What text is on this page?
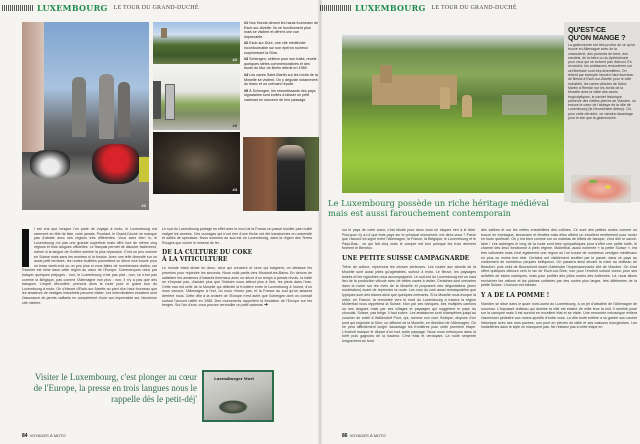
LUXEMBOURG LE TOUR DU GRAND-DUCHÉ
#1
#2
#3
#4
#1 Nos Honda devant les hauts fourneaux de Esch-sur-Alzette. Ils ne fonctionnent plus mais se visitent et offrent une vue imprenable.
#2 Esch-sur-Sûre, une cité médiévale incontournable sur son éperon rocheux surplombant la Sûre.
#3 Schengen, célèbre pour son traité, recèle quelques stèles commémoratives et des bouts du Mur de Berlin détruit en 1989.
#4 Les caves Saint-Martin sur les bords de la Moselle se visitent. On y déguste notamment du blanc et un crémant réputé.
#5 À Schengen, les ressortissants des pays signataires sont invités à laisser un petit cadenas en souvenir de leur passage.

l est vrai que lorsque l'on parle de voyage à moto, le Luxembourg est rarement en tête de liste, voire jamais. Pourtant, le Grand-Duché ne manque pas d'atraits avec ses régions très différentes. Vous avez bien lu, le Luxembourg n'a pas une grande superficie mais offre tout de même cinq régions et trois langues officielles. Le français permet de discuter facilement, même si la langue de Goethe semble la plus répandue. C'est un peu comme en Suisse mais sans les montres ni la fondue. Avec une telle diversité sur un aussi petit territoire, les routes fouillées promettent un décor tout trouvé pour un beau week-end ou un peu plus si vous faites de nombreuses visites, car l'histoire est riche dans cette région au cœur de l'Europe. Commençons donc par balayer quelques préjugés : non, le Luxembourg n'est pas plat ; non, ce n'est pas comme la Belgique, pas comme l'Allemagne non plus ; non, il n'y a pas que des banques. L'esprit déconfiné, prenons alors la route pour le grand tour du Luxembourg à moto. On s'élance d'Esch-sur-Alzette au pied d'un haut fourneau que les amateurs de vestiges industriels peuvent visiter. Les interminables escaliers sont l'assurance de jarrets vaillants en complément d'une vue imprenable sur l'ancienne cité minière.

Le sud du Luxembourg partage en effet avec le nord de la France un passé houiller pas rouillé malgré les années. Ces ouvrages qui n'ont rien d'une friche ont été transformés en université et salles de spectacle. Nous sommes au sud-est du Luxembourg, dans la région des Terres Rouges que colore le minerai de fer.

DE LA CULTURE DU COKE
À LA VITICULTURE

Le monde étant divisé en deux, ceux qui creusent et ceux qui baignent, on délaisse les premiers pour rejoindre les seconds. Nous voilà partis vers Mondorf-les-Bains. En dehors de satisfaire les amateurs d'instants thermaux avec un décor d'un temps à jamais révolu, la halte ne s'impose pas, d'autant plus que l'histoire nous attend plus à l'est, les pieds dans l'eau. Cette eau est celle de la Moselle qui délimite la frontière entre le Luxembourg à l'ouest, d'où nous venons, l'Allemagne à l'est, où nous n'irons pas, et la France au sud qu'on laissera derrière nous. Cette ville à la croisée de l'Europe n'est autre que Schengen dont on connaît surtout l'accord ratifié en 1985. Des monuments rappellent la fondation de l'Europe sur les berges. Sur l'un d'eux, vous pouvez verrouiller un petit cadenas ➜

Visiter le Luxembourg, c'est plonger au cœur de l'Europe, la presse en trois langues nous le rappelle dès le petit-déj'
Luxemburger Wort
84 VOYAGES À MOTO
LUXEMBOURG LE TOUR DU GRAND-DUCHÉ
Le Luxembourg possède un riche héritage médiéval
mais est aussi farouchement contemporain
QU'EST-CE
QU'ON MANGE ?
La gastronomie est très proche de ce qu'on trouve en Allemagne avec de la charcuterie, des pommes de terre, des strudels, de la bière ou du Apfelschorle pour ceux qui ne boivent pas d'alcool. En revanche, les ambiances rencontrées sur cet itinéraire sont très diversifiées. On retient par exemple l'ancien haut fourneau de Belval à Esch-sur-Alzette pour le côté industriel, les caves viticoles de Saint-Martin à Remich sur les bords de la Moselle avec la visite des caves troglodytiques, le cachet historique préservé des vieilles pierres de Vianden, ou encore le cœur de l'abbaye de la ville de Luxembourg (la Neumünster Abbey). Où, pour cette dernière, on viendra davantage pour le site que la gastronomie.

sur le pays de votre cœur, c'est étudié pour donc vous ne risquez rien à le faire. Pourquoi n'y a-t-il que trois pays sur le principal monument, me direz-vous ? Parce que l'accord fut signé entre l'Allemagne, la France, la Belgique, le Luxembourg et le Pays-Bas... ce qui fait cinq mais le compte est bon puisque les trois derniers forment le Benelux.

UNE PETITE SUISSE CAMPAGNARDE

Trêve de culture, reprenons les choses sérieuses. Les routes aux abords de la Moselle sont aussi jolies qu'agréables, surtout à moto. Le fleuve, les paysages boisés et les vignobles nous accompagnent. Le sud-est du Luxembourg est un haut lieu de la production viticole avec de belles caves à visiter. Certaines sont creusées dans la roche sur les rives de la Moselle et proposent des dégustations (avec modération) avant de reprendre la route. Les crus du coin aussi remarquables que typiques sont des blancs ainsi que quelques crémants. Si la Moselle nous évoque la nôtre, en France, la remontée vers le nord du Luxembourg à travers la région Mullerthal nous rappellera la Suisse. Non par ses banques, ses multiples cantons ou ses langues mais par ses villages et paysages qui suggèrent le pays du chocolat. Suisse, pas belge, il faut suivre. Les ambiances sont champêtres jusqu'au coucher de soleil à Wallendorf Pont, qui, comme son nom l'indique, dispose d'un pont qui enjambe la Sûre, un affluent de la Moselle, en direction de l'Allemagne. On ne peut difficilement longer davantage les frontières pour cette première étape. L'endroit marque le départ d'un tout autre paysage. Nous nous enfonçons dans la forêt puis gagnons de la hauteur. C'est frais et verdoyant. La route serpente longuement au fond

des vallées et sur les crêtes ensoleillées des collines. Ce sont des petites routes comme on trouve en montagne, sinueuses et étroites mais elles offrent un excellent revêtement pour rouler en toute quiétude. On y est bien comme sur un matelas de billets de banque, c'est dire le savoir-faire ! Les auberges le long de la route sont bien sympathiques pour s'offrir une petite halte, le charme des lieux fonctionne à plein régime. Mullerthal, aussi nommée « la petite Suisse », est très vallonnée mais c'est également une région où l'on trouve de nombreux vestiges médiévaux en plus ou moins bon état. Certains ont visiblement souffert par le passé, dans ce pays au croisement de nombreux peuples belliqueux. On passera ainsi devant la ruine du château de Beaufort, puis celui de Bourscheid avant d'atteindre l'impressionnante cité de Vianden. On s'est offert quelques détours vers le lac de Esch-sur-Sûre, non pour l'endroit surtout connu pour ses activités de loisirs nautiques, mais pour profiter des jolies routes des Ardennes. Là, nous allons enchaîner les vallons et les plaines cultivées par des routes plus larges, très différentes de la petite Suisse. L'horizon est lointain.

Y A DE LA POMME !

Vianden se situe dans le quart nord-ouest du Luxembourg, à un jet d'arbalète de l'Allemagne de nouveau. L'imposant château qui domine la ville est éclairé de mille feux la nuit. Il semble posé sur la canopée mais il est surtout en excellent état et se visite. Une remontée mécanique évitera l'ascension pédestre aux moins sportifs d'entre vous. La ville toute entière a su garder son cachet historique avec ses rues pavées, son pont en pierres de taille et ses maisons bourgeoises. Les hostelleries dans le style ne manquent pas. Ne résistez pas à cette étape en

86 VOYAGES À MOTO
